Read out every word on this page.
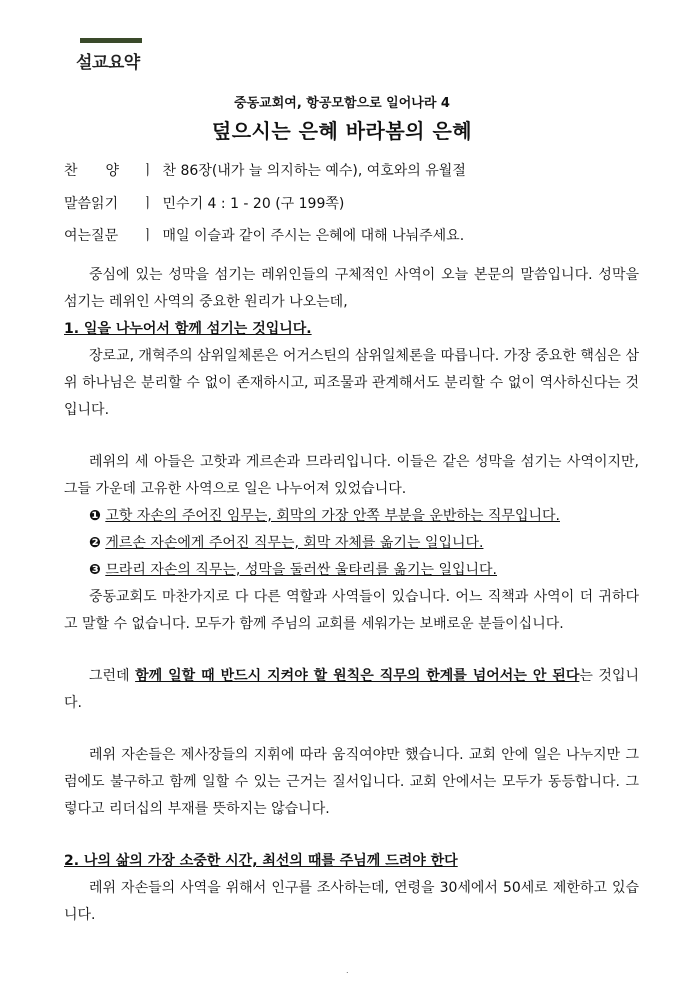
설교요약
중동교회여, 항공모함으로 일어나라 4
덮으시는 은혜 바라봄의 은혜
찬　　양 ㅣ 찬 86장(내가 늘 의지하는 예수), 여호와의 유월절
말씀읽기 ㅣ 민수기 4 : 1 - 20 (구 199쪽)
여는질문 ㅣ 매일 이슬과 같이 주시는 은혜에 대해 나눠주세요.

중심에 있는 성막을 섬기는 레위인들의 구체적인 사역이 오늘 본문의 말씀입니다. 성막을 섬기는 레위인 사역의 중요한 원리가 나오는데,

1. 일을 나누어서 함께 섬기는 것입니다.

장로교, 개혁주의 삼위일체론은 어거스틴의 삼위일체론을 따릅니다. 가장 중요한 핵심은 삼위 하나님은 분리할 수 없이 존재하시고, 피조물과 관계해서도 분리할 수 없이 역사하신다는 것입니다.

레위의 세 아들은 고핫과 게르손과 므라리입니다. 이들은 같은 성막을 섬기는 사역이지만, 그들 가운데 고유한 사역으로 일은 나누어져 있었습니다.

❶ 고핫 자손의 주어진 임무는, 회막의 가장 안쪽 부분을 운반하는 직무입니다.

❷ 게르손 자손에게 주어진 직무는, 회막 자체를 옮기는 일입니다.

❸ 므라리 자손의 직무는, 성막을 둘러싼 울타리를 옮기는 일입니다.

중동교회도 마찬가지로 다 다른 역할과 사역들이 있습니다. 어느 직책과 사역이 더 귀하다고 말할 수 없습니다. 모두가 함께 주님의 교회를 세워가는 보배로운 분들이십니다.

그런데 함께 일할 때 반드시 지켜야 할 원칙은 직무의 한계를 넘어서는 안 된다는 것입니다.

레위 자손들은 제사장들의 지휘에 따라 움직여야만 했습니다. 교회 안에 일은 나누지만 그럼에도 불구하고 함께 일할 수 있는 근거는 질서입니다. 교회 안에서는 모두가 동등합니다. 그렇다고 리더십의 부재를 뜻하지는 않습니다.

2. 나의 삶의 가장 소중한 시간, 최선의 때를 주님께 드려야 한다

레위 자손들의 사역을 위해서 인구를 조사하는데, 연령을 30세에서 50세로 제한하고 있습니다.

.
